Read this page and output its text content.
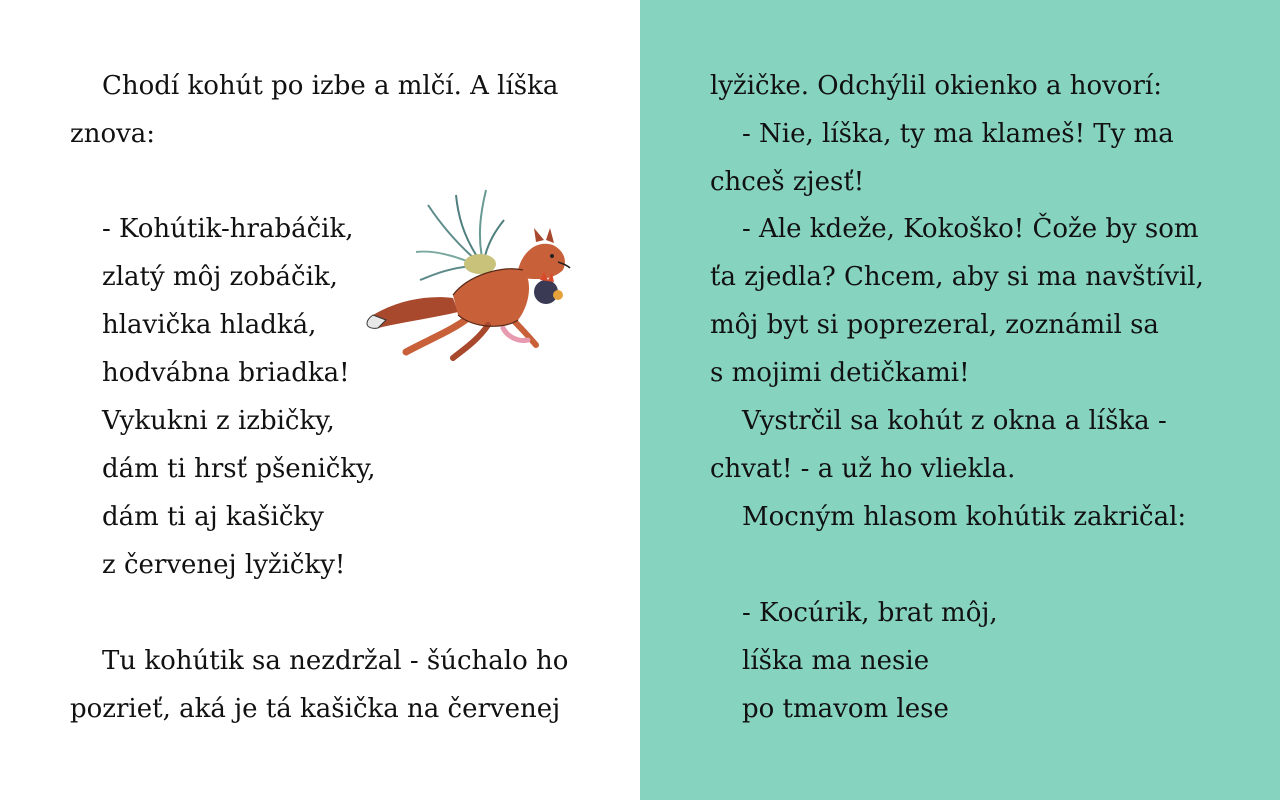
Chodí kohút po izbe a mlčí. A líška
znova:
- Kohútik-hrabáčik,
zlatý môj zobáčik,
hlavička hladká,
hodvábna briadka!
Vykukni z izbičky,
dám ti hrsť pšeničky,
dám ti aj kašičky
z červenej lyžičky!
Tu kohútik sa nezdržal - šúchalo ho
pozrieť, aká je tá kašička na červenej
lyžičke. Odchýlil okienko a hovorí:
- Nie, líška, ty ma klameš! Ty ma
chceš zjesť!
- Ale kdeže, Kokoško! Čože by som
ťa zjedla? Chcem, aby si ma navštívil,
môj byt si poprezeral, zoznámil sa
s mojimi detičkami!
Vystrčil sa kohút z okna a líška -
chvat! - a už ho vliekla.
Mocným hlasom kohútik zakričal:
- Kocúrik, brat môj,
líška ma nesie
po tmavom lese
